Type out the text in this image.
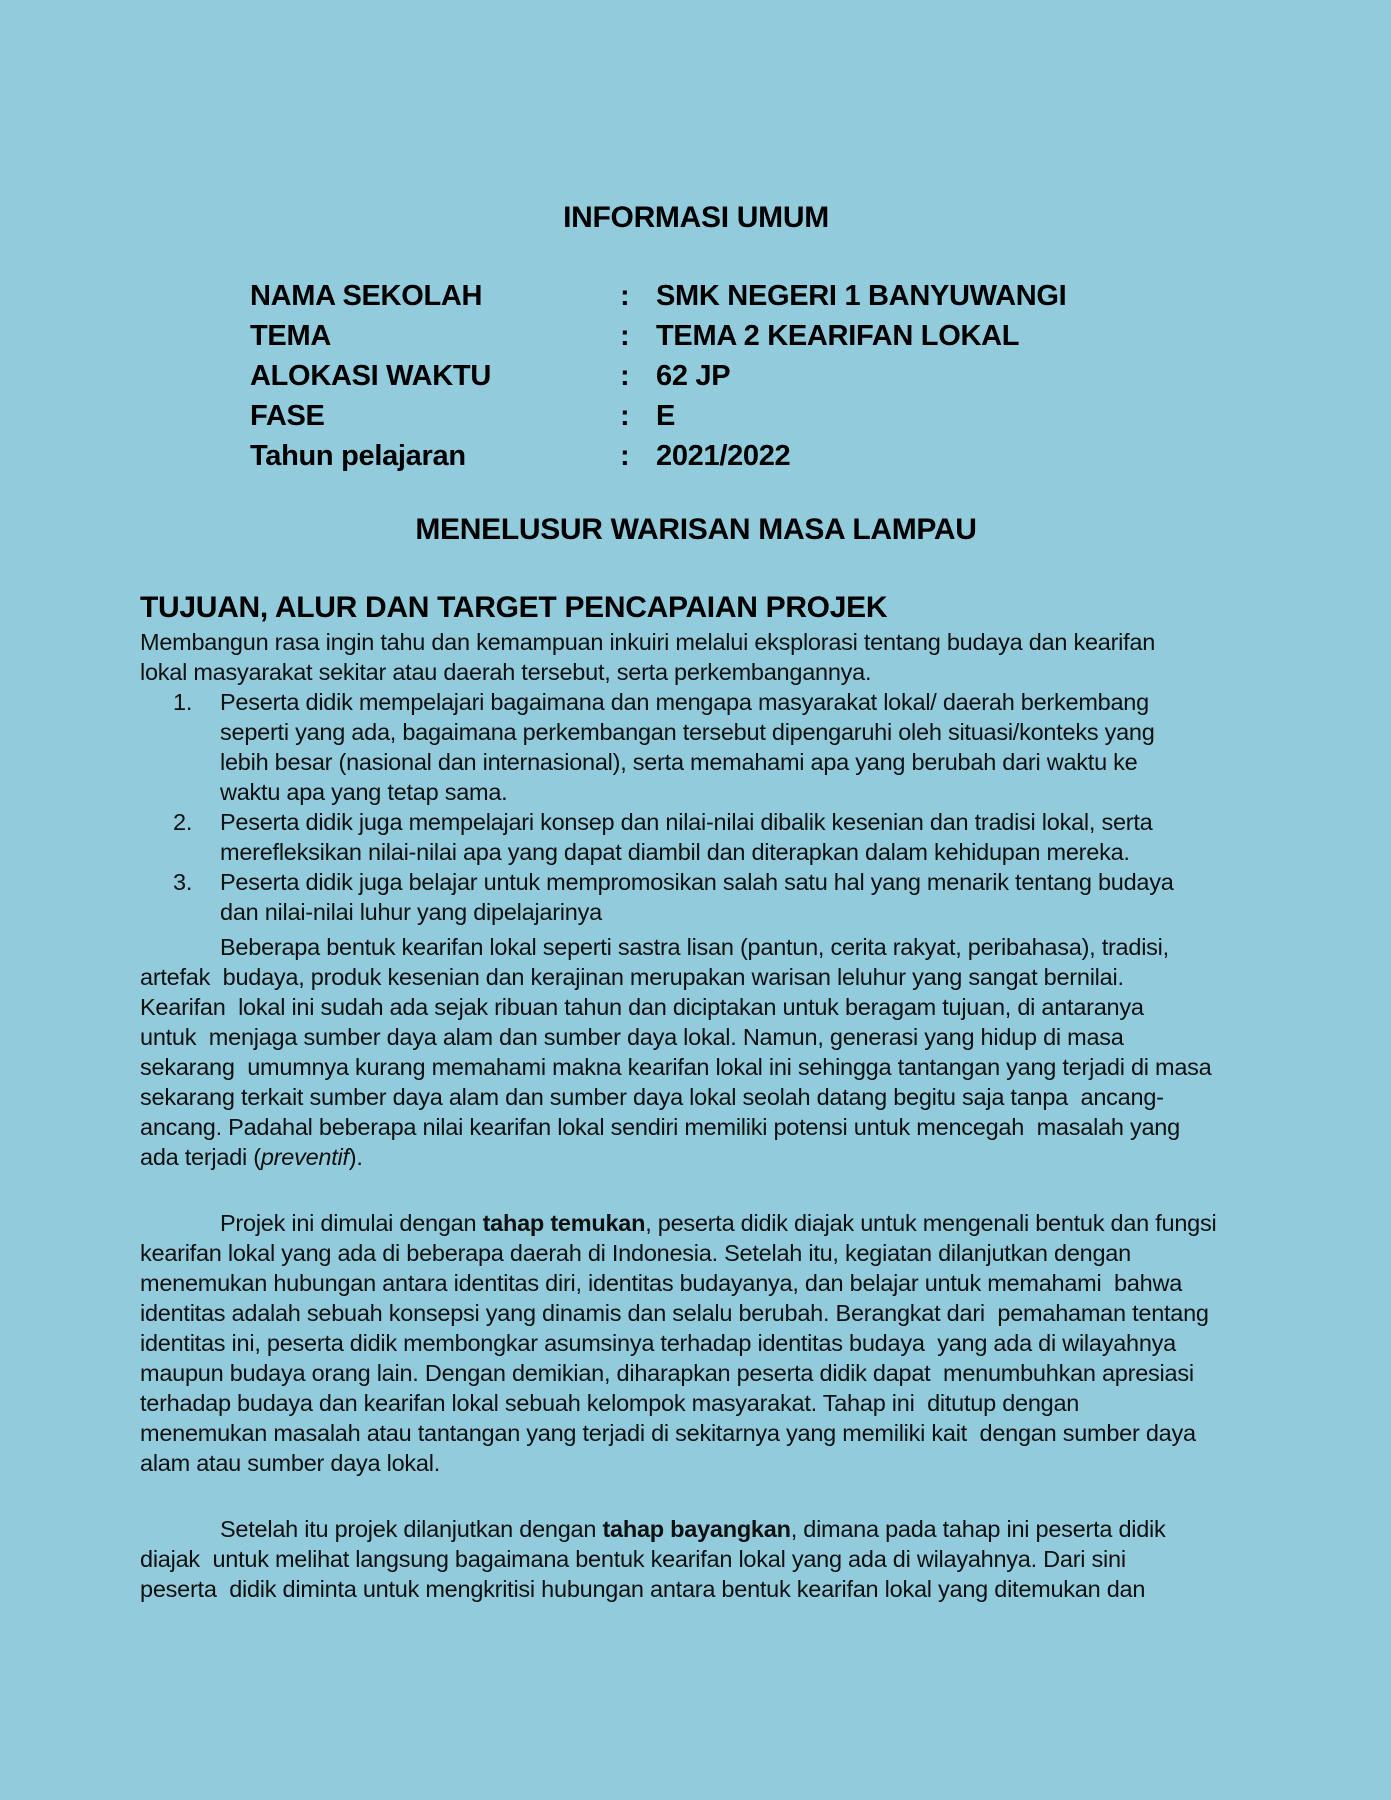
INFORMASI UMUM
NAMA SEKOLAH	: SMK NEGERI 1 BANYUWANGI
TEMA	: TEMA 2 KEARIFAN LOKAL
ALOKASI WAKTU	: 62 JP
FASE	: E
Tahun pelajaran	: 2021/2022
MENELUSUR WARISAN MASA LAMPAU
TUJUAN, ALUR DAN TARGET PENCAPAIAN PROJEK
Membangun rasa ingin tahu dan kemampuan inkuiri melalui eksplorasi tentang budaya dan kearifan
lokal masyarakat sekitar atau daerah tersebut, serta perkembangannya.
1. Peserta didik mempelajari bagaimana dan mengapa masyarakat lokal/ daerah berkembang
seperti yang ada, bagaimana perkembangan tersebut dipengaruhi oleh situasi/konteks yang
lebih besar (nasional dan internasional), serta memahami apa yang berubah dari waktu ke
waktu apa yang tetap sama.
2. Peserta didik juga mempelajari konsep dan nilai-nilai dibalik kesenian dan tradisi lokal, serta
merefleksikan nilai-nilai apa yang dapat diambil dan diterapkan dalam kehidupan mereka.
3. Peserta didik juga belajar untuk mempromosikan salah satu hal yang menarik tentang budaya
dan nilai-nilai luhur yang dipelajarinya
Beberapa bentuk kearifan lokal seperti sastra lisan (pantun, cerita rakyat, peribahasa), tradisi,
artefak  budaya, produk kesenian dan kerajinan merupakan warisan leluhur yang sangat bernilai.
Kearifan  lokal ini sudah ada sejak ribuan tahun dan diciptakan untuk beragam tujuan, di antaranya
untuk  menjaga sumber daya alam dan sumber daya lokal. Namun, generasi yang hidup di masa
sekarang  umumnya kurang memahami makna kearifan lokal ini sehingga tantangan yang terjadi di masa
sekarang terkait sumber daya alam dan sumber daya lokal seolah datang begitu saja tanpa  ancang-
ancang. Padahal beberapa nilai kearifan lokal sendiri memiliki potensi untuk mencegah  masalah yang
ada terjadi (preventif).
Projek ini dimulai dengan tahap temukan, peserta didik diajak untuk mengenali bentuk dan fungsi
kearifan lokal yang ada di beberapa daerah di Indonesia. Setelah itu, kegiatan dilanjutkan dengan
menemukan hubungan antara identitas diri, identitas budayanya, dan belajar untuk memahami  bahwa
identitas adalah sebuah konsepsi yang dinamis dan selalu berubah. Berangkat dari  pemahaman tentang
identitas ini, peserta didik membongkar asumsinya terhadap identitas budaya  yang ada di wilayahnya
maupun budaya orang lain. Dengan demikian, diharapkan peserta didik dapat  menumbuhkan apresiasi
terhadap budaya dan kearifan lokal sebuah kelompok masyarakat. Tahap ini  ditutup dengan
menemukan masalah atau tantangan yang terjadi di sekitarnya yang memiliki kait  dengan sumber daya
alam atau sumber daya lokal.
Setelah itu projek dilanjutkan dengan tahap bayangkan, dimana pada tahap ini peserta didik
diajak  untuk melihat langsung bagaimana bentuk kearifan lokal yang ada di wilayahnya. Dari sini
peserta  didik diminta untuk mengkritisi hubungan antara bentuk kearifan lokal yang ditemukan dan
